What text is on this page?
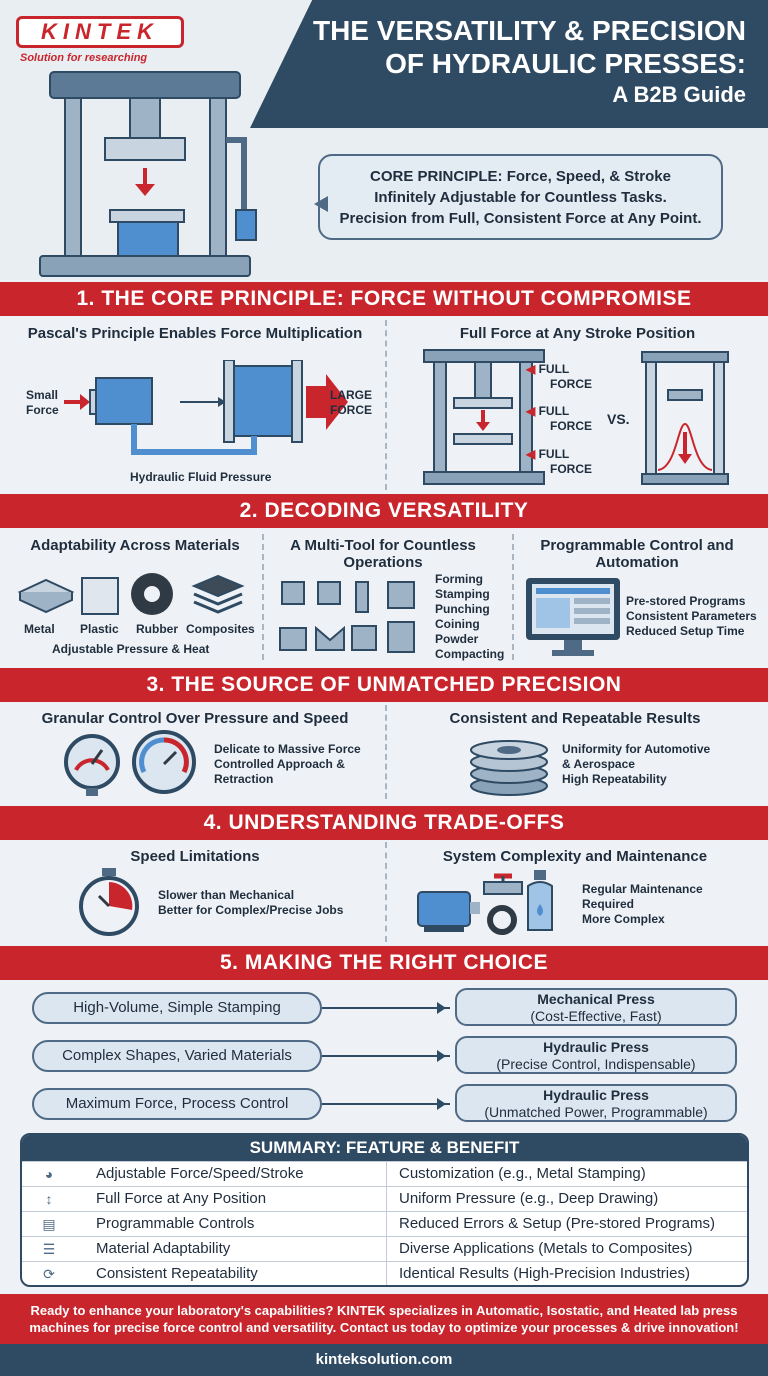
KINTEK
Solution for researching
THE VERSATILITY & PRECISION
OF HYDRAULIC PRESSES:
A B2B Guide
CORE PRINCIPLE: Force, Speed, & Stroke
Infinitely Adjustable for Countless Tasks.
Precision from Full, Consistent Force at Any Point.
1. THE CORE PRINCIPLE: FORCE WITHOUT COMPROMISE
Pascal's Principle Enables Force Multiplication	Full Force at Any Stroke Position
Small
Force
LARGE
FORCE
Hydraulic Fluid Pressure
◀ FULL
FORCE
◀ FULL
FORCE
◀ FULL
FORCE
VS.
2. DECODING VERSATILITY
Adaptability Across Materials
Metal Plastic Rubber Composites
Adjustable Pressure & Heat
A Multi-Tool for Countless
Operations
Forming
Stamping
Punching
Coining
Powder
Compacting
Programmable Control and
Automation
Pre-stored Programs
Consistent Parameters
Reduced Setup Time
3. THE SOURCE OF UNMATCHED PRECISION
Granular Control Over Pressure and Speed
Delicate to Massive Force
Controlled Approach &
Retraction
Consistent and Repeatable Results
Uniformity for Automotive
& Aerospace
High Repeatability
4. UNDERSTANDING TRADE-OFFS
Speed Limitations
Slower than Mechanical
Better for Complex/Precise Jobs
System Complexity and Maintenance
Regular Maintenance
Required
More Complex
5. MAKING THE RIGHT CHOICE
High-Volume, Simple Stamping	Mechanical Press
(Cost-Effective, Fast)
Complex Shapes, Varied Materials	Hydraulic Press
(Precise Control, Indispensable)
Maximum Force, Process Control	Hydraulic Press
(Unmatched Power, Programmable)
SUMMARY: FEATURE & BENEFIT
◕	Adjustable Force/Speed/Stroke	Customization (e.g., Metal Stamping)
↕	Full Force at Any Position	Uniform Pressure (e.g., Deep Drawing)
▤	Programmable Controls	Reduced Errors & Setup (Pre-stored Programs)
☰	Material Adaptability	Diverse Applications (Metals to Composites)
⟳	Consistent Repeatability	Identical Results (High-Precision Industries)
Ready to enhance your laboratory's capabilities? KINTEK specializes in Automatic, Isostatic, and Heated lab press
machines for precise force control and versatility. Contact us today to optimize your processes & drive innovation!
kinteksolution.com
